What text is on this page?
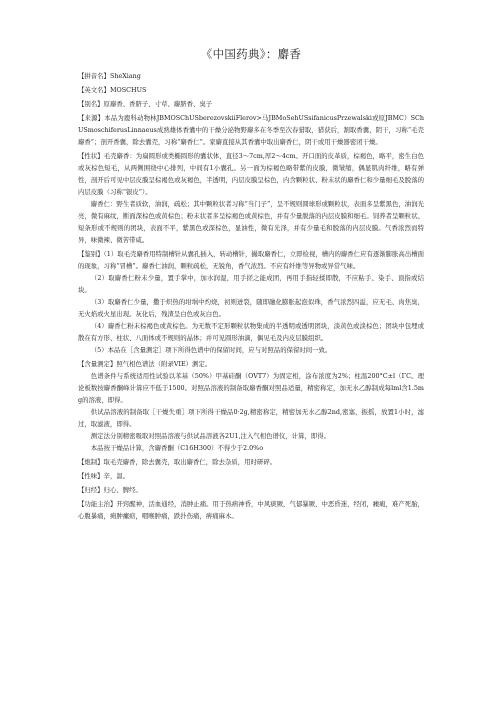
《中国药典》：麝香

【拼音名】SheXiang

【英文名】MOSCHUS

【别名】原麝香、香脐子、寸草、麝脐香、臭子

【来源】本品为鹿科动物林JBMOSChUSberezovskiiFlerov>马JBMoSehUSsifanicusPrzewalski或原JBMC）SChUSmoschiferusLinnaeus成熟雄体香囊中的干燥分泌物野麝多在冬季至次春猎取，猎获后，割取香囊，阴干，习称“毛壳麝香”；剖开香囊，除去囊壳，习称“麝香仁”。家麝直接从其香囊中取出麝香仁，阴干或用干燥器密闭干燥。

【性状】毛壳麝香：为扁圆形或类椭圆形的囊状体，直径3～7cm,厚2～4cm。开口面的皮革质，棕褐色，略平，密生白色或灰棕色短毛，从两侧围绕中心排列，中间有1小囊孔。另一面为棕褐色略带紫的皮膜，微皱缩，偶显肌肉纤维，略有弹性，剖开后可见中层皮膜呈棕褐色或灰褐色，半透明，内层皮膜呈棕色，内含颗粒状、粉末状的麝香仁和少量细毛及脱落的内层皮膜（习称“银皮”）。

麝香仁：野生者质软，油润，疏松；其中颗粒状者习称“当门子”，呈不规则圆球形或颗粒状，表面多呈紫黑色，油润光亮，微有麻纹，断面深棕色或黄棕色；粉末状者多呈棕褐色或黄棕色，并有少量脱落的内层皮膜和细毛。饲养者呈颗粒状、短条形或不规则的团块，表面不平，紫黑色或深棕色，显油性，微有光泽，并有少量毛和脱落的内层皮膜。气香浓烈而特异，味微辣、微苦带咸。

【鉴别】（1）取毛壳麝香用特制槽针从囊孔插入，转动槽针，撮取麝香仁，立即检视，槽内的麝香仁应有逐渐膨胀高出槽面的现象，习称“冒槽”。麝香仁油润，颗粒疏松，无锐角，香气浓烈。不应有纤维等异物或异常气味。

（2）取麝香仁粉末少量，置手掌中，加水润湿，用手搓之能成团，再用手指轻揉即散，不应粘手、染手、顶指或结块。

（3）取麝香仁少量，撒于炽热的坩埚中灼烧，初则迸裂，随即融化膨胀起泡似珠，香气浓烈四溢，应无毛、肉焦臭，无火焰或火星出现。灰化后，残渣呈白色或灰白色。

（4）麝香仁粉末棕褐色或黄棕色。为无数不定形颗粒状物集成的半透明或透明团块，淡黄色或淡棕色；团块中包埋或散在有方形、柱状、八面体或不规则的晶体；并可见圆形油滴，偶见毛及内皮层膜组织。

（5）本品在［含量测定］项下所得色谱中的保留时间，应与对照品的保留时间一致。

【含量测定】照气相色谱法（附录VIE）测定。

色谱条件与系统适用性试验以苯基（50%）甲基硅酮（OVT7）为固定相，涂布浓度为2%；柱温200°C±l（ΓC。理论板数按麝香酮峰计算应不低于1500。对照品溶液的制备取麝香酮对照品适量，精密称定，加无水乙醇制成每lml含1.5mg的溶液，即得。

供试品溶液的制备取［干燥失重］项下所得干燥品0·2g,精密称定，精密加无水乙醇2nd,密塞，振摇，放置1小时，滤过，取滤液，即得。

测定法分别精密吸取对照品溶液与供试品溶液各2U1,注入气相色谱仪，计算，即得。

本品按干燥品计算，含麝香酮（C16H300）不得少于2.0%o

【炮制】取毛壳麝香，除去囊壳，取出麝香仁，除去杂质，用时研碎。

【性味】辛，温。

【归经】归心、脾经。

【功能主治】开窍醒神，活血通经，消肿止痛。用于热病神昏，中风痰厥，气郁暴厥，中恶昏迷，经闭，癥瘕，难产死胎，心腹暴痛，痈肿瘰疬，咽喉肿痛，跌扑伤痛，痹痛麻木。
